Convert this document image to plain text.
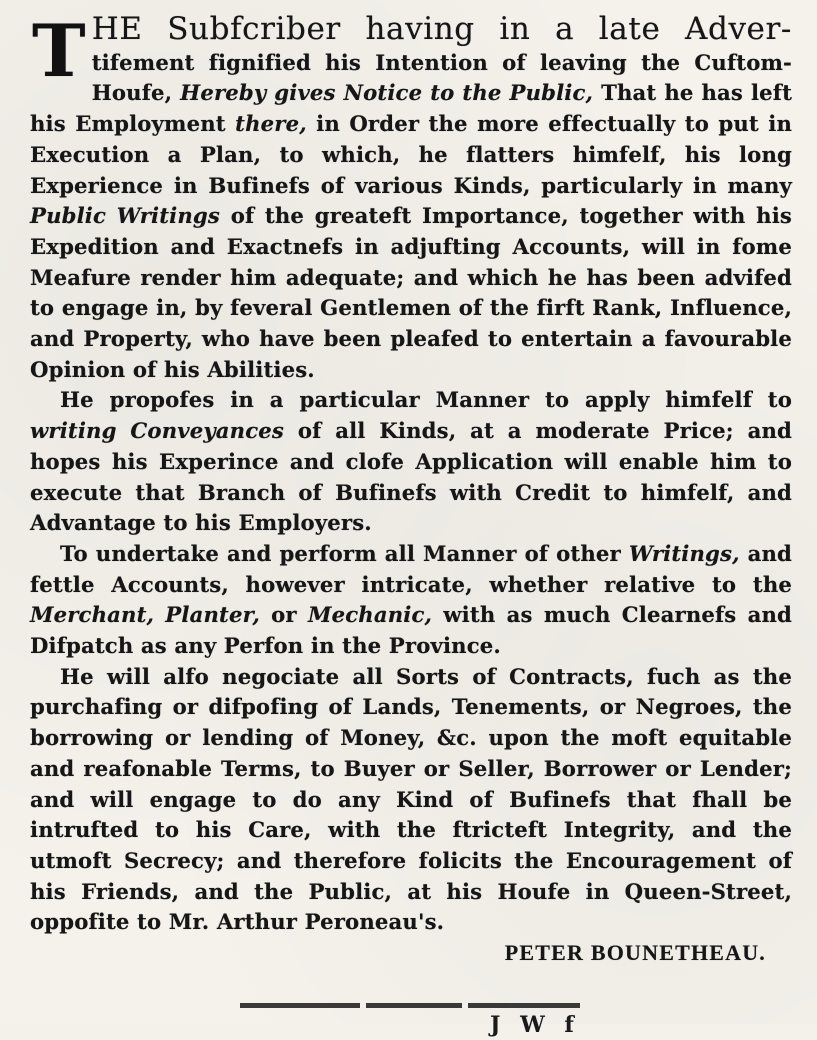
THE Subfcriber having in a late Adver- tifement fignified his Intention of leaving the Cuftom-Houfe, Hereby gives Notice to the Public, That he has left his Employment there, in Order the more effectually to put in Execution a Plan, to which, he flatters himfelf, his long Experience in Bufinefs of various Kinds, particularly in many Public Writings of the greateft Importance, together with his Expedition and Exactnefs in adjufting Accounts, will in fome Meafure render him adequate; and which he has been advifed to engage in, by feveral Gentlemen of the firft Rank, Influence, and Property, who have been pleafed to entertain a favourable Opinion of his Abilities.

He propofes in a particular Manner to apply himfelf to writing Conveyances of all Kinds, at a moderate Price; and hopes his Experince and clofe Application will enable him to execute that Branch of Bufinefs with Credit to himfelf, and Advantage to his Employers.

To undertake and perform all Manner of other Writings, and fettle Accounts, however intricate, whether relative to the Merchant, Planter, or Mechanic, with as much Clearnefs and Difpatch as any Perfon in the Province.

He will alfo negociate all Sorts of Contracts, fuch as the purchafing or difpofing of Lands, Tenements, or Negroes, the borrowing or lending of Money, &c. upon the moft equitable and reafonable Terms, to Buyer or Seller, Borrower or Lender; and will engage to do any Kind of Bufinefs that fhall be intrufted to his Care, with the ftricteft Integrity, and the utmoft Secrecy; and therefore folicits the Encouragement of his Friends, and the Public, at his Houfe in Queen-Street, oppofite to Mr. Arthur Peroneau's.

PETER BOUNETHEAU.

J W f
